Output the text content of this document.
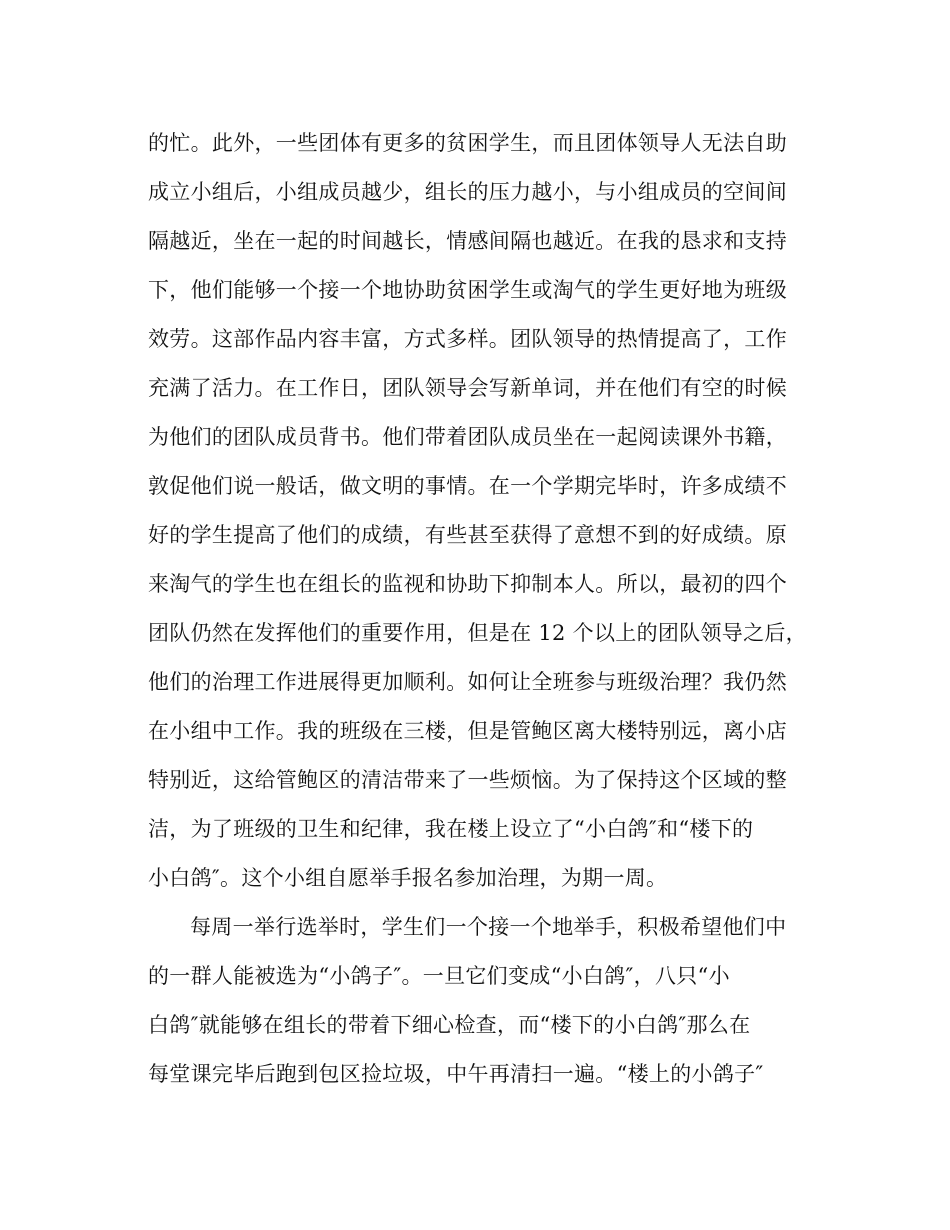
的忙。此外，一些团体有更多的贫困学生，而且团体领导人无法自助
成立小组后，小组成员越少，组长的压力越小，与小组成员的空间间
隔越近，坐在一起的时间越长，情感间隔也越近。在我的恳求和支持
下，他们能够一个接一个地协助贫困学生或淘气的学生更好地为班级
效劳。这部作品内容丰富，方式多样。团队领导的热情提高了，工作
充满了活力。在工作日，团队领导会写新单词，并在他们有空的时候
为他们的团队成员背书。他们带着团队成员坐在一起阅读课外书籍，
敦促他们说一般话，做文明的事情。在一个学期完毕时，许多成绩不
好的学生提高了他们的成绩，有些甚至获得了意想不到的好成绩。原
来淘气的学生也在组长的监视和协助下抑制本人。所以，最初的四个
团队仍然在发挥他们的重要作用，但是在 12 个以上的团队领导之后，
他们的治理工作进展得更加顺利。如何让全班参与班级治理？我仍然
在小组中工作。我的班级在三楼，但是管鲍区离大楼特别远，离小店
特别近，这给管鲍区的清洁带来了一些烦恼。为了保持这个区域的整
洁，为了班级的卫生和纪律，我在楼上设立了“小白鸽″和“楼下的
小白鸽″。这个小组自愿举手报名参加治理，为期一周。
每周一举行选举时，学生们一个接一个地举手，积极希望他们中
的一群人能被选为“小鸽子″。一旦它们变成“小白鸽″，八只“小
白鸽″就能够在组长的带着下细心检查，而“楼下的小白鸽″那么在
每堂课完毕后跑到包区捡垃圾，中午再清扫一遍。“楼上的小鸽子″
